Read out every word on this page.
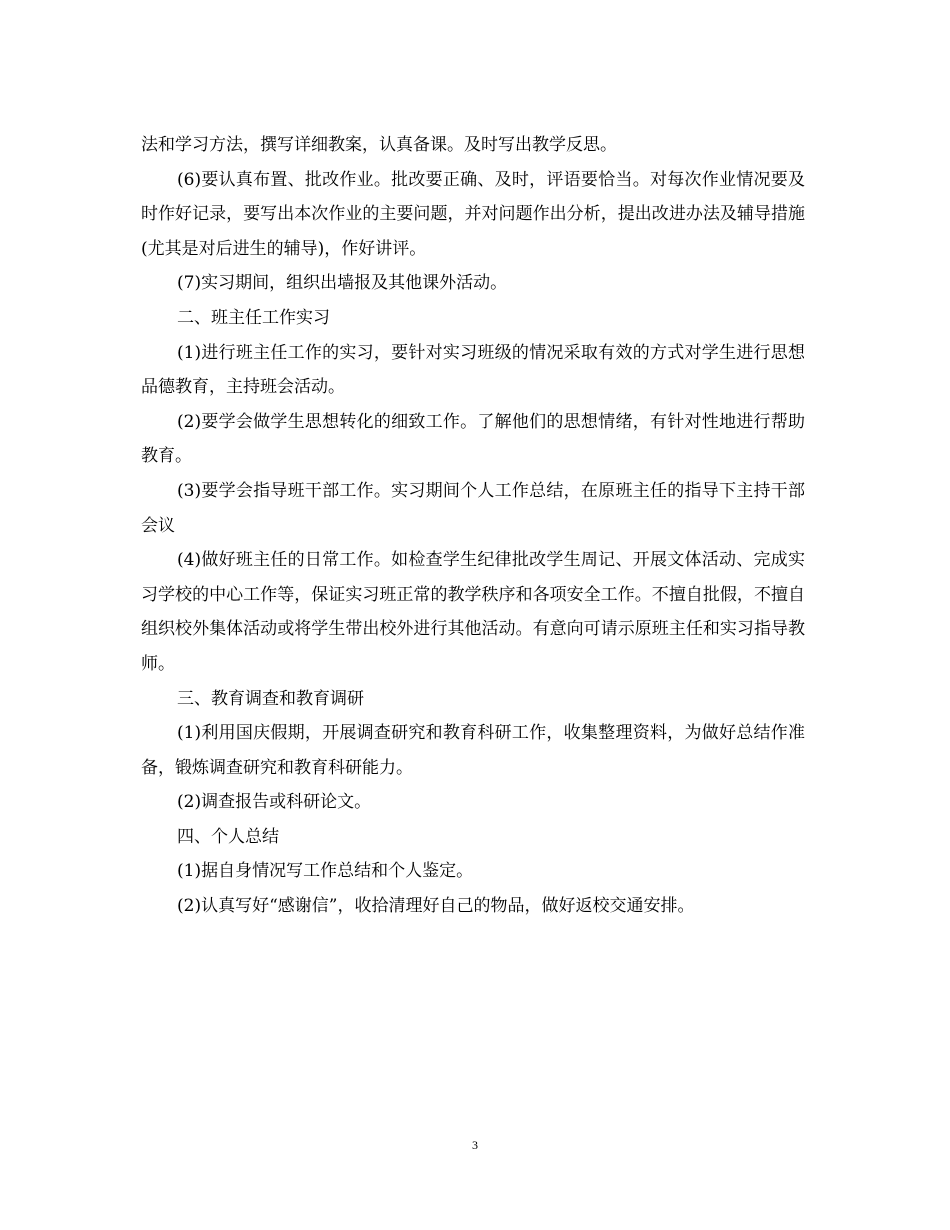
法和学习方法，撰写详细教案，认真备课。及时写出教学反思。

(6)要认真布置、批改作业。批改要正确、及时，评语要恰当。对每次作业情况要及时作好记录，要写出本次作业的主要问题，并对问题作出分析，提出改进办法及辅导措施(尤其是对后进生的辅导)，作好讲评。

(7)实习期间，组织出墙报及其他课外活动。

二、班主任工作实习

(1)进行班主任工作的实习，要针对实习班级的情况采取有效的方式对学生进行思想品德教育，主持班会活动。

(2)要学会做学生思想转化的细致工作。了解他们的思想情绪，有针对性地进行帮助教育。

(3)要学会指导班干部工作。实习期间个人工作总结，在原班主任的指导下主持干部会议

(4)做好班主任的日常工作。如检查学生纪律批改学生周记、开展文体活动、完成实习学校的中心工作等，保证实习班正常的教学秩序和各项安全工作。不擅自批假，不擅自组织校外集体活动或将学生带出校外进行其他活动。有意向可请示原班主任和实习指导教师。

三、教育调查和教育调研

(1)利用国庆假期，开展调查研究和教育科研工作，收集整理资料，为做好总结作准备，锻炼调查研究和教育科研能力。

(2)调查报告或科研论文。

四、个人总结

(1)据自身情况写工作总结和个人鉴定。

(2)认真写好“感谢信”，收拾清理好自己的物品，做好返校交通安排。

3
